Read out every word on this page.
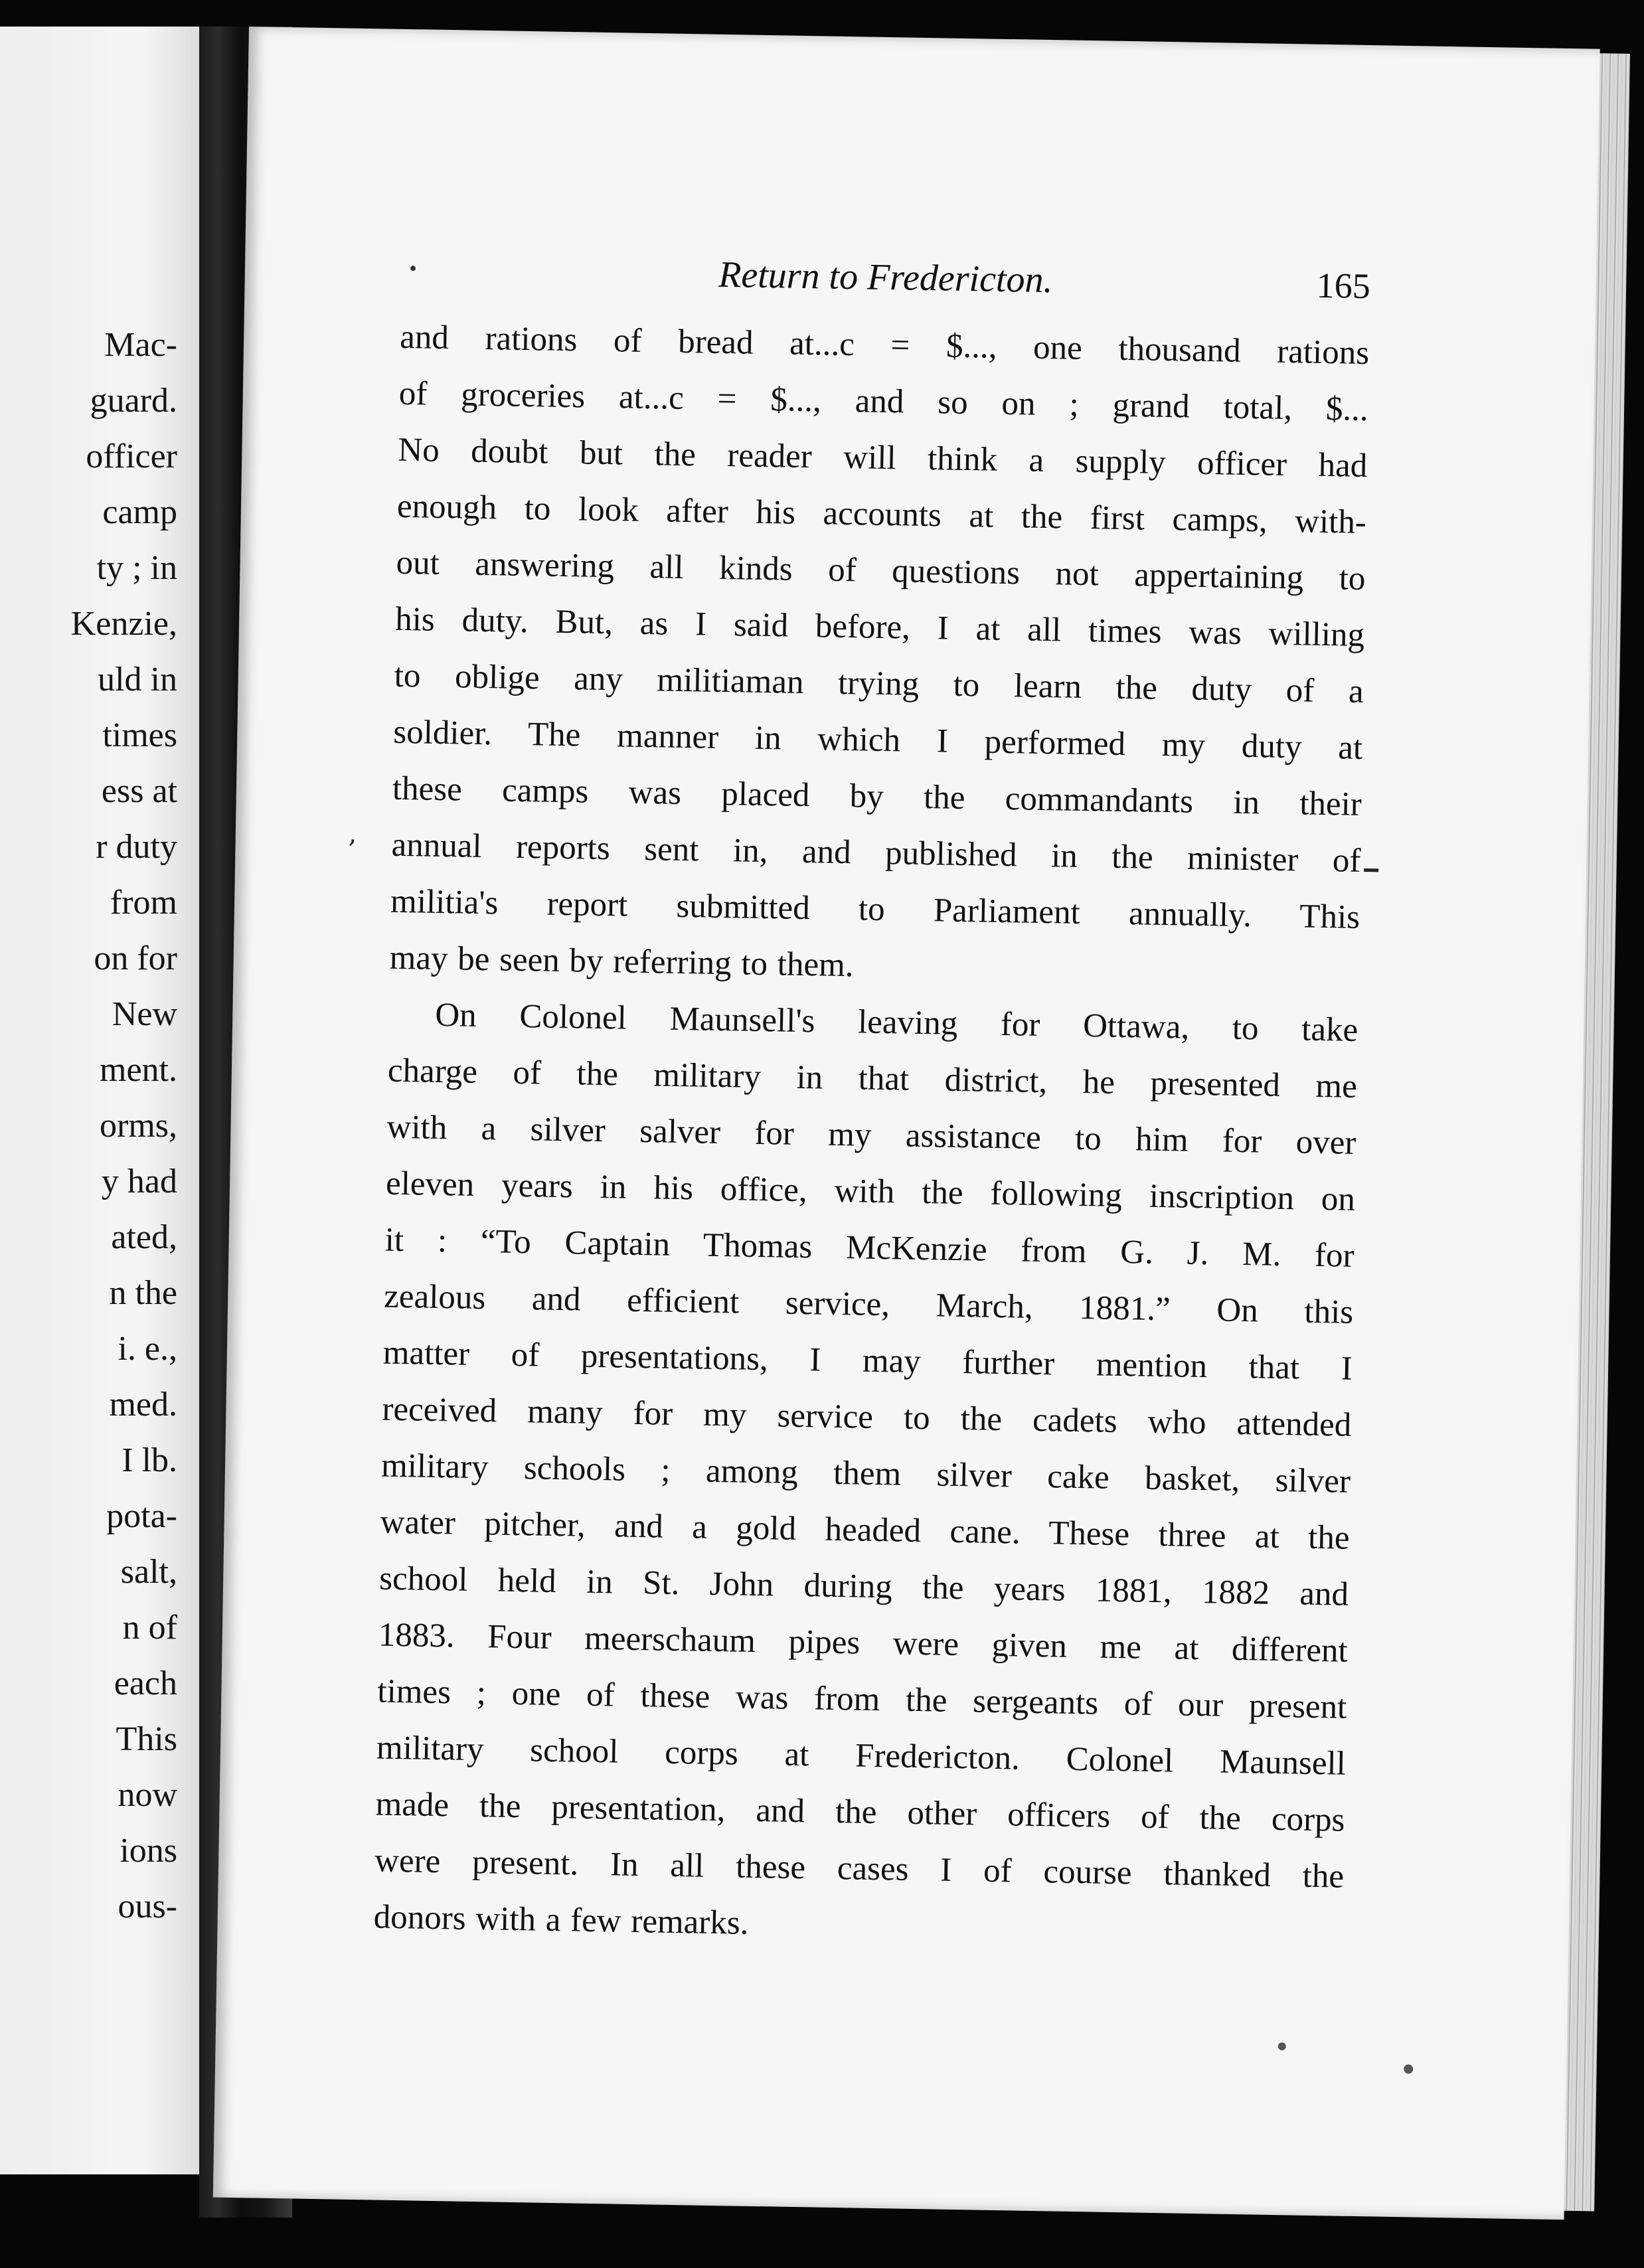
Mac-
guard.
officer
camp
ty ; in
Kenzie,
uld in
times
ess at
r duty
from
on for
New
ment.
orms,
y had
ated,
n the
i. e.,
med.
I lb.
pota-
salt,
n of
each
This
now
ions
ous-
Return to Fredericton.	165
and rations of bread at...c = $..., one thousand rations
of groceries at...c = $..., and so on ; grand total, $...
No doubt but the reader will think a supply officer had
enough to look after his accounts at the first camps, with-
out answering all kinds of questions not appertaining to
his duty. But, as I said before, I at all times was willing
to oblige any militiaman trying to learn the duty of a
soldier. The manner in which I performed my duty at
these camps was placed by the commandants in their
annual reports sent in, and published in the minister of
militia's report submitted to Parliament annually. This
may be seen by referring to them.
On Colonel Maunsell's leaving for Ottawa, to take
charge of the military in that district, he presented me
with a silver salver for my assistance to him for over
eleven years in his office, with the following inscription on
it : “To Captain Thomas McKenzie from G. J. M. for
zealous and efficient service, March, 1881.” On this
matter of presentations, I may further mention that I
received many for my service to the cadets who attended
military schools ; among them silver cake basket, silver
water pitcher, and a gold headed cane. These three at the
school held in St. John during the years 1881, 1882 and
1883. Four meerschaum pipes were given me at different
times ; one of these was from the sergeants of our present
military school corps at Fredericton. Colonel Maunsell
made the presentation, and the other officers of the corps
were present. In all these cases I of course thanked the
donors with a few remarks.
,
